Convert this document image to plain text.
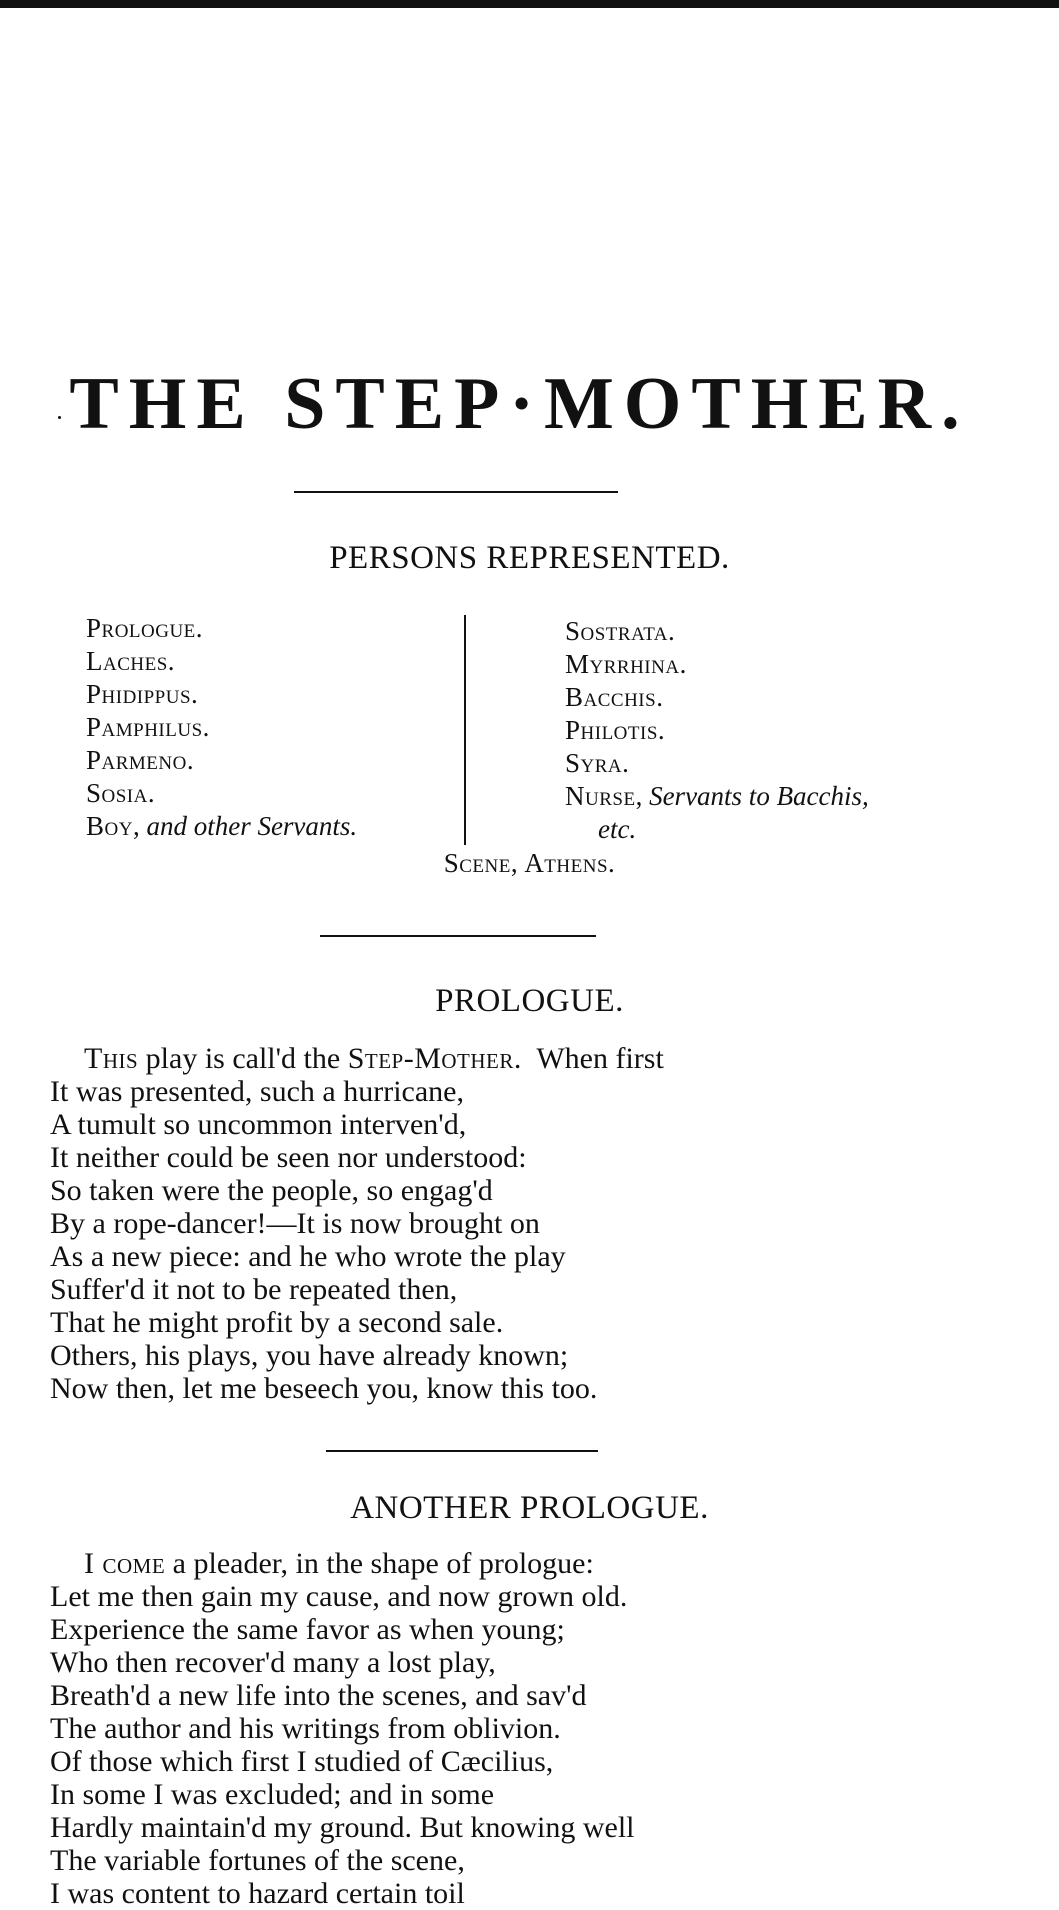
THE STEP·MOTHER.
PERSONS REPRESENTED.
Prologue.
Laches.
Phidippus.
Pamphilus.
Parmeno.
Sosia.
Boy, and other Servants.
Sostrata.
Myrrhina.
Bacchis.
Philotis.
Syra.
Nurse, Servants to Bacchis,
etc.
Scene, Athens.
PROLOGUE.
This play is call'd the Step-Mother.  When first
It was presented, such a hurricane,
A tumult so uncommon interven'd,
It neither could be seen nor understood:
So taken were the people, so engag'd
By a rope-dancer!—It is now brought on
As a new piece: and he who wrote the play
Suffer'd it not to be repeated then,
That he might profit by a second sale.
Others, his plays, you have already known;
Now then, let me beseech you, know this too.
ANOTHER PROLOGUE.
I come a pleader, in the shape of prologue:
Let me then gain my cause, and now grown old.
Experience the same favor as when young;
Who then recover'd many a lost play,
Breath'd a new life into the scenes, and sav'd
The author and his writings from oblivion.
Of those which first I studied of Cæcilius,
In some I was excluded; and in some
Hardly maintain'd my ground. But knowing well
The variable fortunes of the scene,
I was content to hazard certain toil
